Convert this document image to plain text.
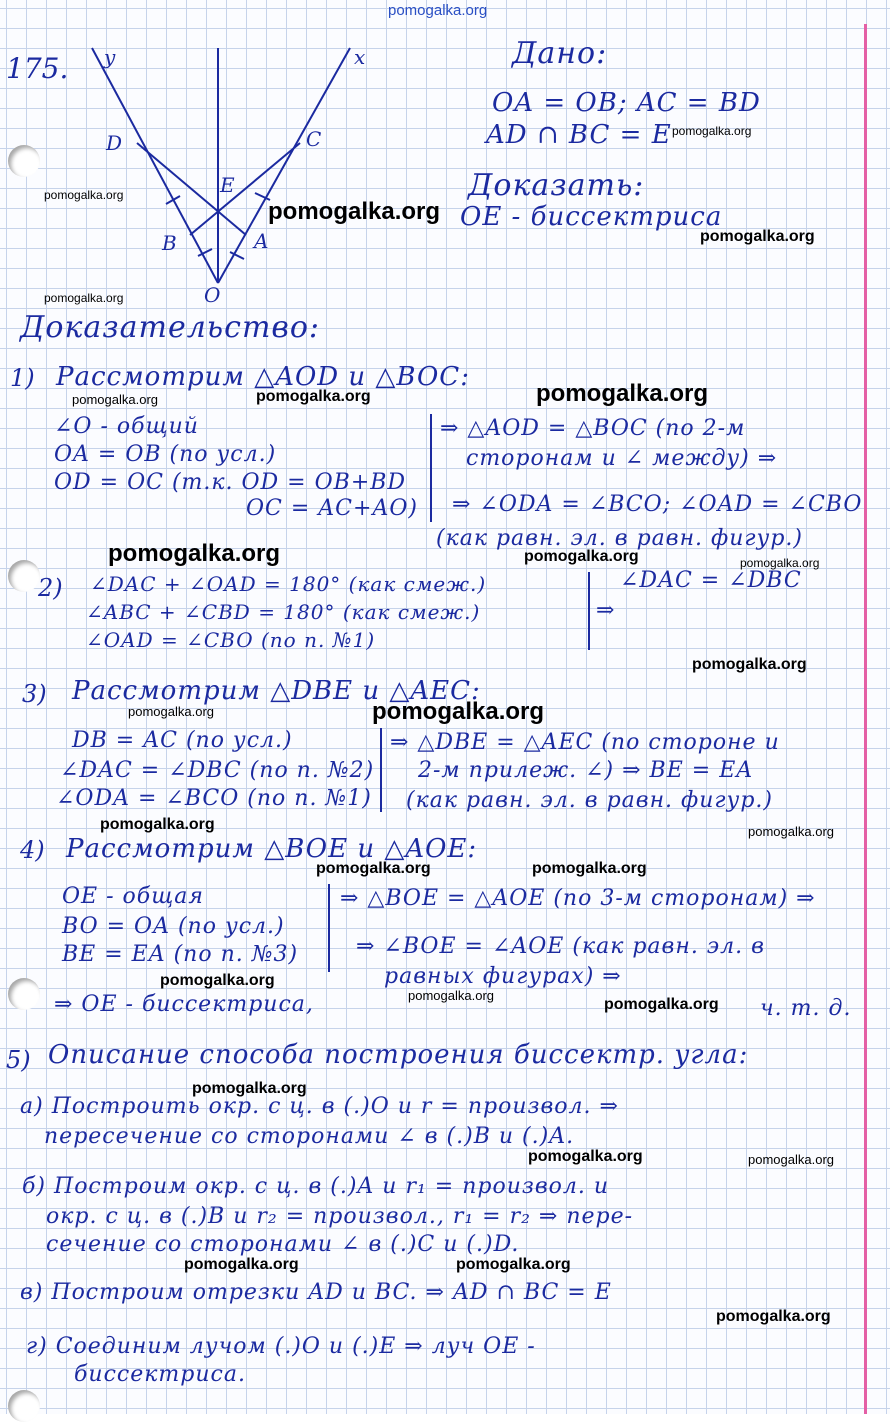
pomogalka.org
175. y	x
D	C
E
B	A
O
Дано:
OA = OB; AC = BD
AD ∩ BC = E
Доказать:
OE - биссектриса
Доказательство:
1) Рассмотрим △AOD и △BOC:
∠O - общий
OA = OB (по усл.)
OD = OC (т.к. OD = OB+BD
OC = AC+AO)
⇒ △AOD = △BOC (по 2-м
сторонам и ∠ между) ⇒
⇒ ∠ODA = ∠BCO; ∠OAD = ∠CBO
(как равн. эл. в равн. фигур.)
2) ∠DAC + ∠OAD = 180° (как смеж.)
∠ABC + ∠CBD = 180° (как смеж.)
∠OAD = ∠CBO (по п. №1)
∠DAC = ∠DBC
⇒
3) Рассмотрим △DBE и △AEC:
DB = AC (по усл.)
∠DAC = ∠DBC (по п. №2)
∠ODA = ∠BCO (по п. №1)
⇒ △DBE = △AEC (по стороне и
2-м прилеж. ∠) ⇒ BE = EA
(как равн. эл. в равн. фигур.)
4) Рассмотрим △BOE и △AOE:
OE - общая
BO = OA (по усл.)
BE = EA (по п. №3)
⇒ △BOE = △AOE (по 3-м сторонам) ⇒
⇒ ∠BOE = ∠AOE (как равн. эл. в
равных фигурах) ⇒
⇒ OE - биссектриса,	ч. т. д.
5) Описание способа построения биссектр. угла:
а) Построить окр. с ц. в (.)O и r = произвол. ⇒
пересечение со сторонами ∠ в (.)B и (.)A.
б) Построим окр. с ц. в (.)A и r₁ = произвол. и
окр. с ц. в (.)B и r₂ = произвол., r₁ = r₂ ⇒ пере-
сечение со сторонами ∠ в (.)C и (.)D.
в) Построим отрезки AD и BC. ⇒ AD ∩ BC = E
г) Соединим лучом (.)O и (.)E ⇒ луч OE -
биссектриса.
pomogalka.org
pomogalka.org
pomogalka.org
pomogalka.org
pomogalka.org
pomogalka.org
pomogalka.org	pomogalka.org
pomogalka.org	pomogalka.org	pomogalka.org
pomogalka.org
pomogalka.org	pomogalka.org
pomogalka.org	pomogalka.org
pomogalka.org	pomogalka.org
pomogalka.org
pomogalka.org
pomogalka.org
pomogalka.org
pomogalka.org	pomogalka.org
pomogalka.org	pomogalka.org
pomogalka.org
